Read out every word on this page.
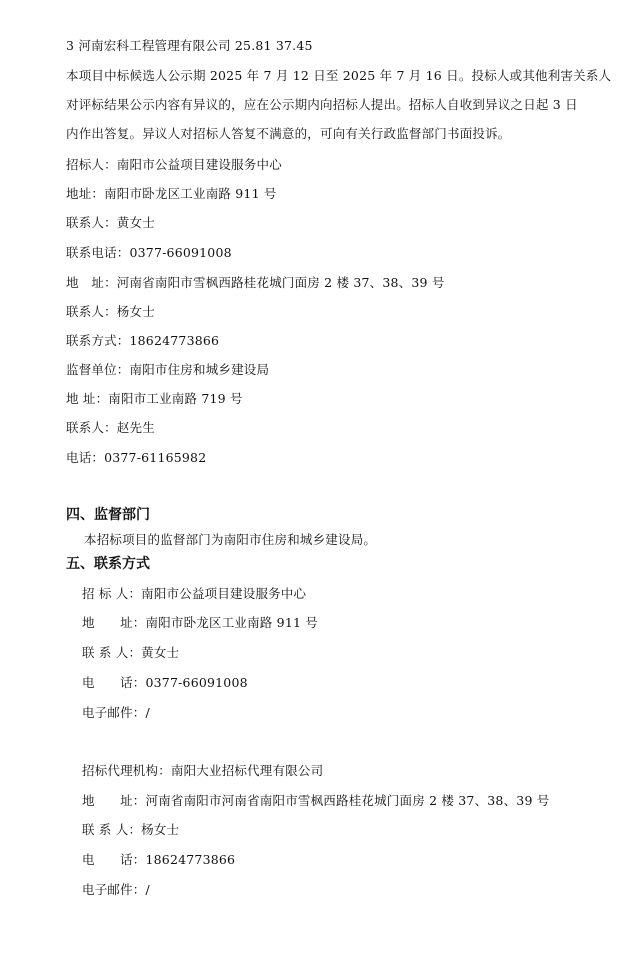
3 河南宏科工程管理有限公司 25.81 37.45
本项目中标候选人公示期 2025 年 7 月 12 日至 2025 年 7 月 16 日。投标人或其他利害关系人
对评标结果公示内容有异议的，应在公示期内向招标人提出。招标人自收到异议之日起 3 日
内作出答复。异议人对招标人答复不满意的，可向有关行政监督部门书面投诉。
招标人：南阳市公益项目建设服务中心
地址：南阳市卧龙区工业南路 911 号
联系人：黄女士
联系电话：0377-66091008
地　址：河南省南阳市雪枫西路桂花城门面房 2 楼 37、38、39 号
联系人：杨女士
联系方式：18624773866
监督单位：南阳市住房和城乡建设局
地 址：南阳市工业南路 719 号
联系人：赵先生
电话：0377-61165982
四、监督部门
本招标项目的监督部门为南阳市住房和城乡建设局。
五、联系方式
招 标 人：南阳市公益项目建设服务中心
地　　址：南阳市卧龙区工业南路 911 号
联 系 人：黄女士
电　　话：0377-66091008
电子邮件：/
招标代理机构：南阳大业招标代理有限公司
地　　址：河南省南阳市河南省南阳市雪枫西路桂花城门面房 2 楼 37、38、39 号
联 系 人：杨女士
电　　话：18624773866
电子邮件：/
